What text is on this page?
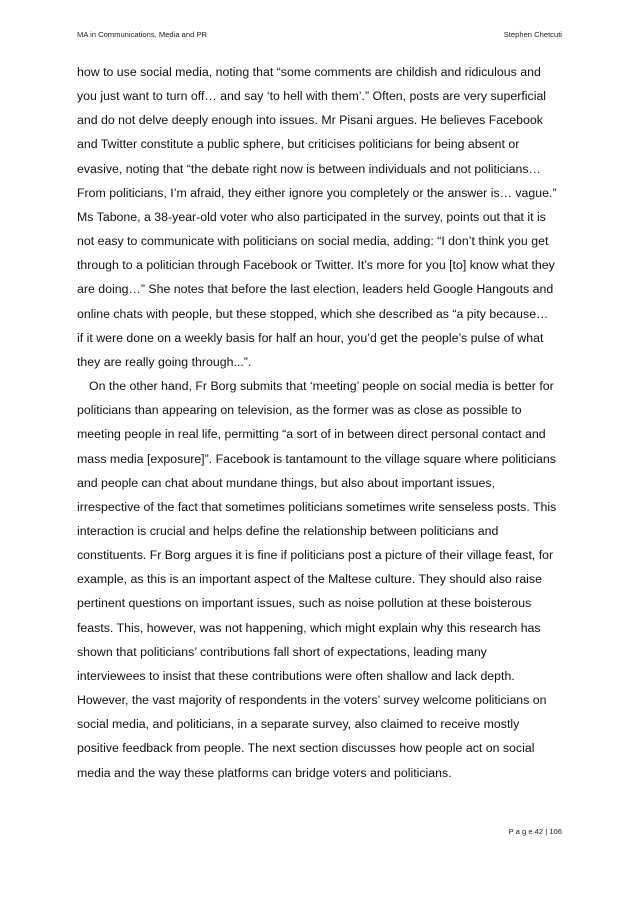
MA in Communications, Media and PR	Stephen Chetcuti

how to use social media, noting that “some comments are childish and ridiculous and you just want to turn off… and say ‘to hell with them’.” Often, posts are very superficial and do not delve deeply enough into issues. Mr Pisani argues. He believes Facebook and Twitter constitute a public sphere, but criticises politicians for being absent or evasive, noting that “the debate right now is between individuals and not politicians… From politicians, I’m afraid, they either ignore you completely or the answer is… vague.” Ms Tabone, a 38-year-old voter who also participated in the survey, points out that it is not easy to communicate with politicians on social media, adding: “I don’t think you get through to a politician through Facebook or Twitter. It’s more for you [to] know what they are doing…” She notes that before the last election, leaders held Google Hangouts and online chats with people, but these stopped, which she described as “a pity because… if it were done on a weekly basis for half an hour, you’d get the people’s pulse of what they are really going through...”.

On the other hand, Fr Borg submits that ‘meeting’ people on social media is better for politicians than appearing on television, as the former was as close as possible to meeting people in real life, permitting “a sort of in between direct personal contact and mass media [exposure]”. Facebook is tantamount to the village square where politicians and people can chat about mundane things, but also about important issues, irrespective of the fact that sometimes politicians sometimes write senseless posts. This interaction is crucial and helps define the relationship between politicians and constituents. Fr Borg argues it is fine if politicians post a picture of their village feast, for example, as this is an important aspect of the Maltese culture. They should also raise pertinent questions on important issues, such as noise pollution at these boisterous feasts. This, however, was not happening, which might explain why this research has shown that politicians’ contributions fall short of expectations, leading many interviewees to insist that these contributions were often shallow and lack depth. However, the vast majority of respondents in the voters’ survey welcome politicians on social media, and politicians, in a separate survey, also claimed to receive mostly positive feedback from people. The next section discusses how people act on social media and the way these platforms can bridge voters and politicians.

P a g e 42 | 106
